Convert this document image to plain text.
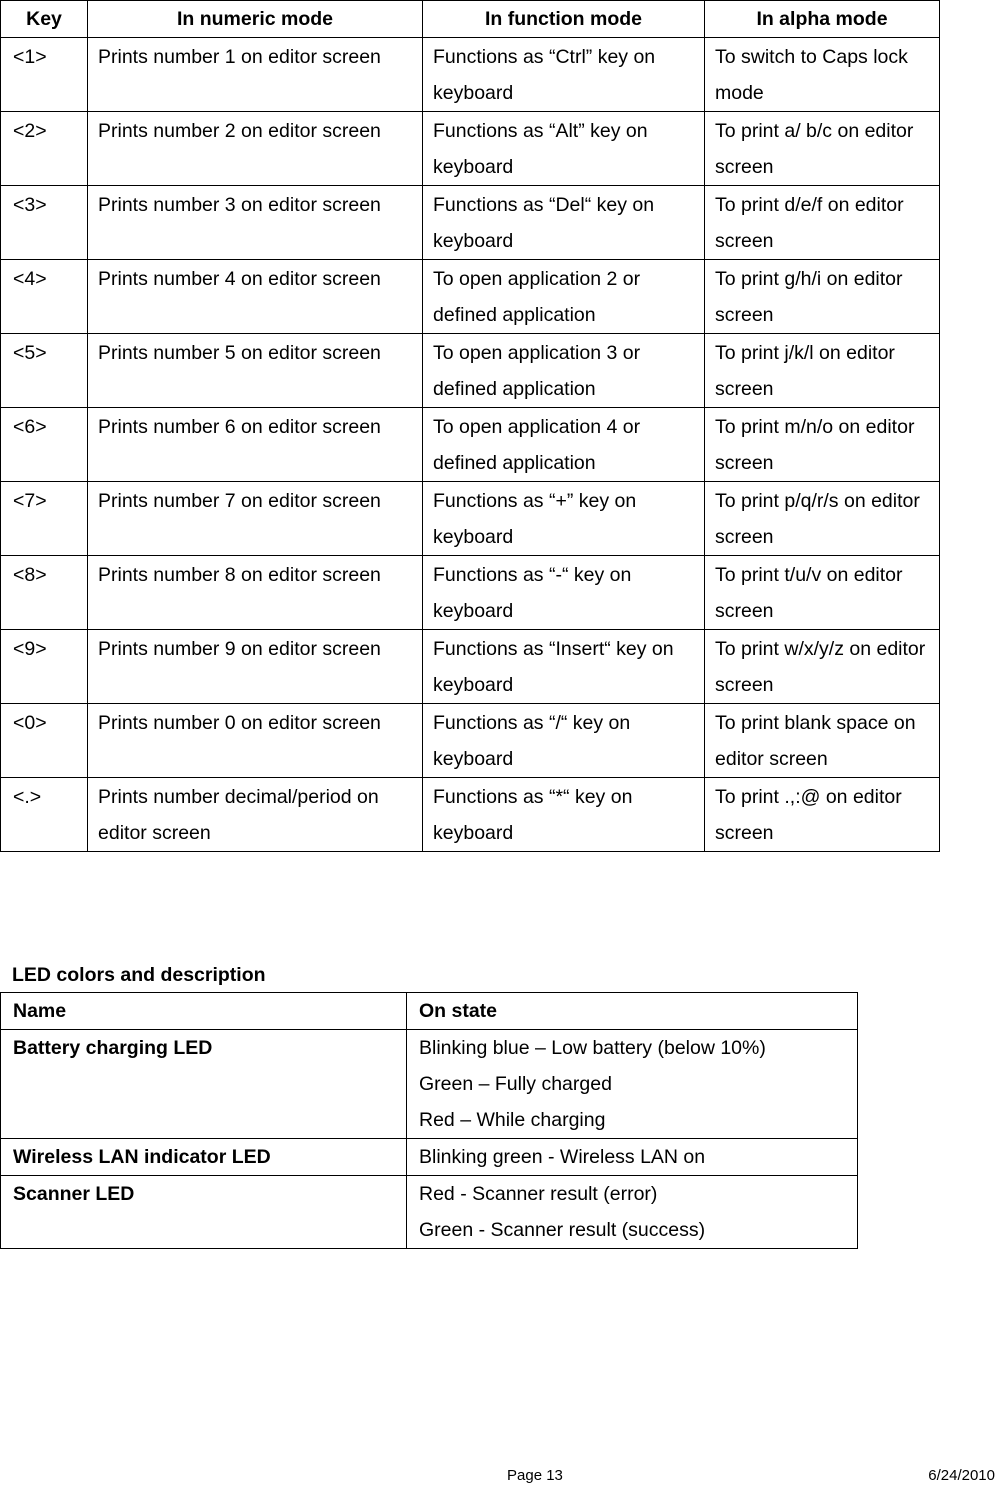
Key	In numeric mode	In function mode	In alpha mode
<1>	Prints number 1 on editor screen	Functions as “Ctrl” key on keyboard	To switch to Caps lock mode
<2>	Prints number 2 on editor screen	Functions as “Alt” key on keyboard	To print a/ b/c on editor screen
<3>	Prints number 3 on editor screen	Functions as “Del“ key on keyboard	To print d/e/f on editor screen
<4>	Prints number 4 on editor screen	To open application 2 or defined application	To print g/h/i on editor screen
<5>	Prints number 5 on editor screen	To open application 3 or defined application	To print j/k/l on editor screen
<6>	Prints number 6 on editor screen	To open application 4 or defined application	To print m/n/o on editor screen
<7>	Prints number 7 on editor screen	Functions as “+” key on keyboard	To print p/q/r/s on editor screen
<8>	Prints number 8 on editor screen	Functions as “-“ key on keyboard	To print t/u/v on editor screen
<9>	Prints number 9 on editor screen	Functions as “Insert“ key on keyboard	To print w/x/y/z on editor screen
<0>	Prints number 0 on editor screen	Functions as “/“ key on keyboard	To print blank space on editor screen
<.>	Prints number decimal/period on editor screen	Functions as “*“ key on keyboard	To print .,:@ on editor screen
LED colors and description
Name	On state
Battery charging LED	Blinking blue – Low battery (below 10%)
Green – Fully charged
Red – While charging

Wireless LAN indicator LED	Blinking green - Wireless LAN on

Scanner LED	Red - Scanner result (error)
Green - Scanner result (success)
Page 13	6/24/2010
